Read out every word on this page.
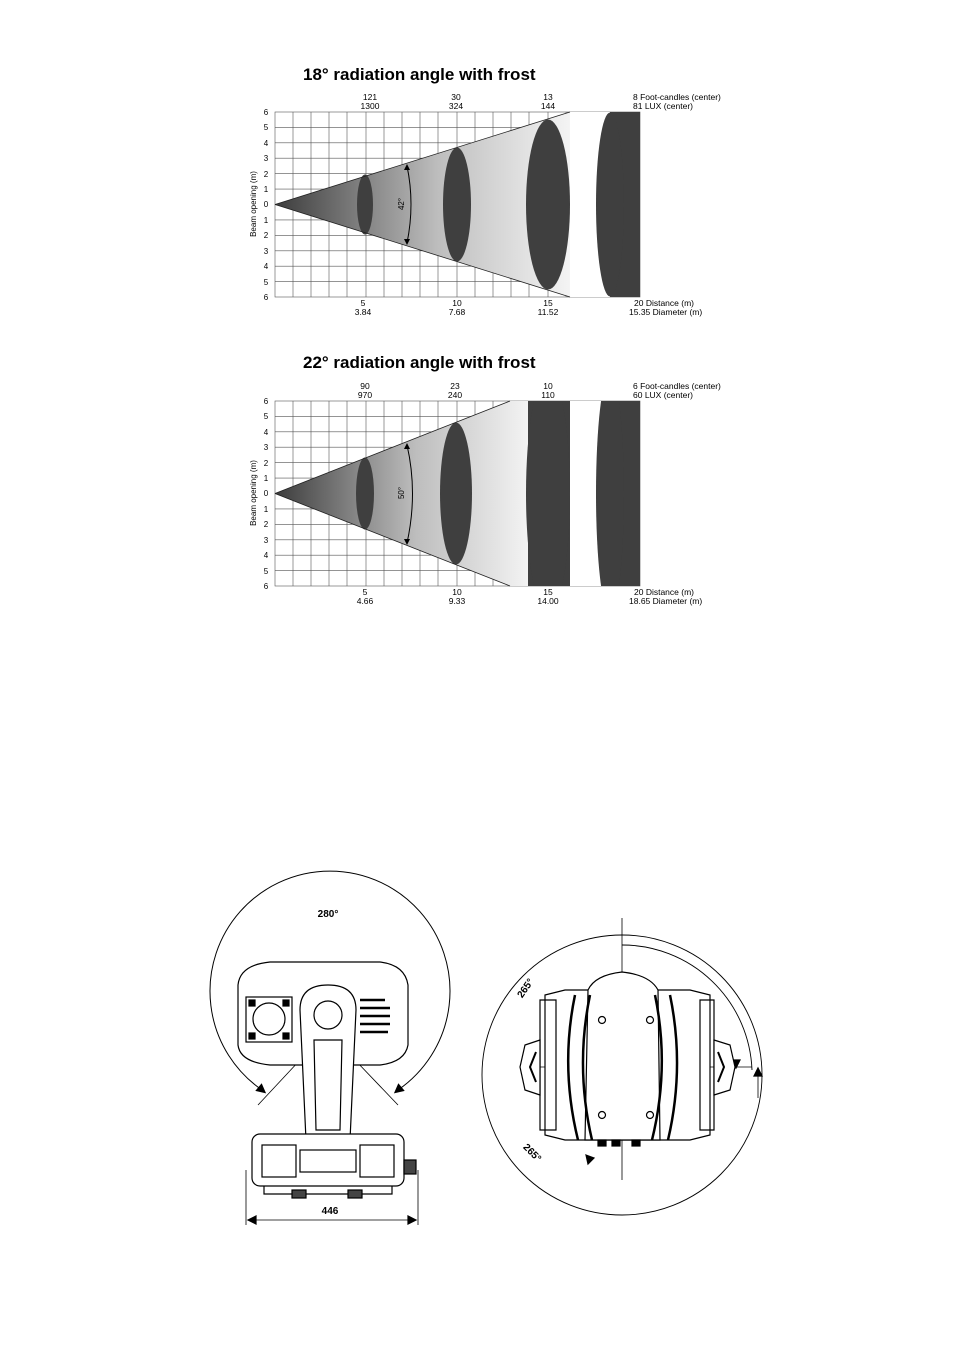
18° radiation angle with frost
121
1300
30
324
13
144
8 Foot-candles (center)
81 LUX (center)
42°
6
5
4
3
2
1
0
1
2
3
4
5
6
Beam opening (m)
5
3.84
10
7.68
15
11.52
20 Distance (m)
15.35 Diameter (m)
22° radiation angle with frost
90
970
23
240
10
110
6 Foot-candles (center)
60 LUX (center)
50°
6
5
4
3
2
1
0
1
2
3
4
5
6
Beam opening (m)
5
4.66
10
9.33
15
14.00
20 Distance (m)
18.65 Diameter (m)
280°
446
265°
265°
